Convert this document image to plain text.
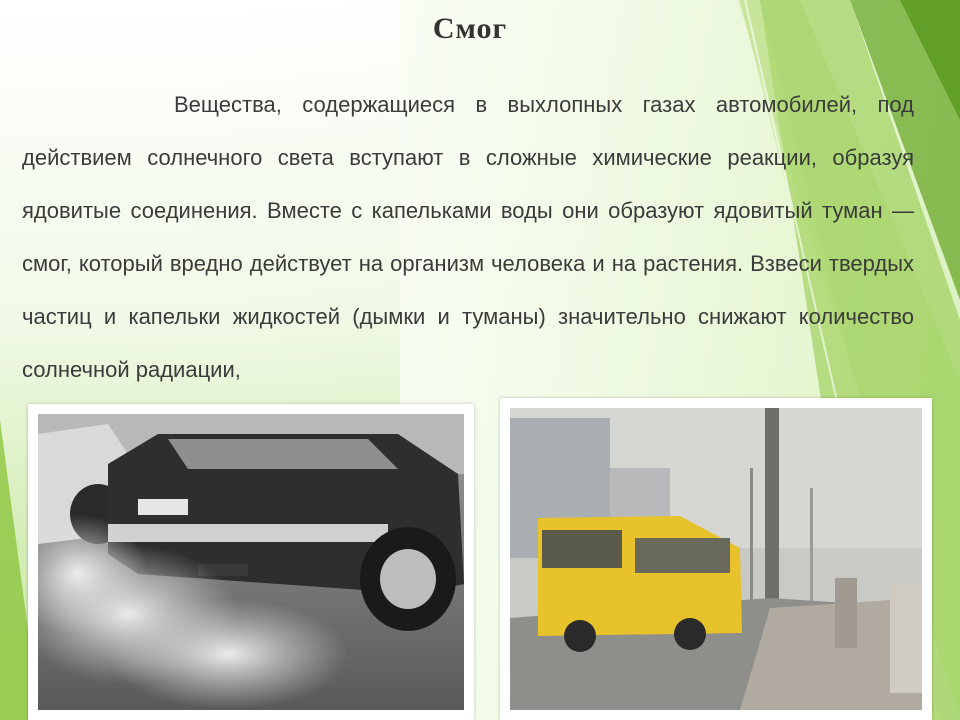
Смог
Вещества, содержащиеся в выхлопных газах автомобилей, под действием солнечного света вступают в сложные химические реакции, образуя ядовитые соединения. Вместе с капельками воды они образуют ядовитый туман — смог, который вредно действует на организм человека и на растения. Взвеси твердых частиц и капельки жидкостей (дымки и туманы) значительно снижают количество солнечной радиации,
